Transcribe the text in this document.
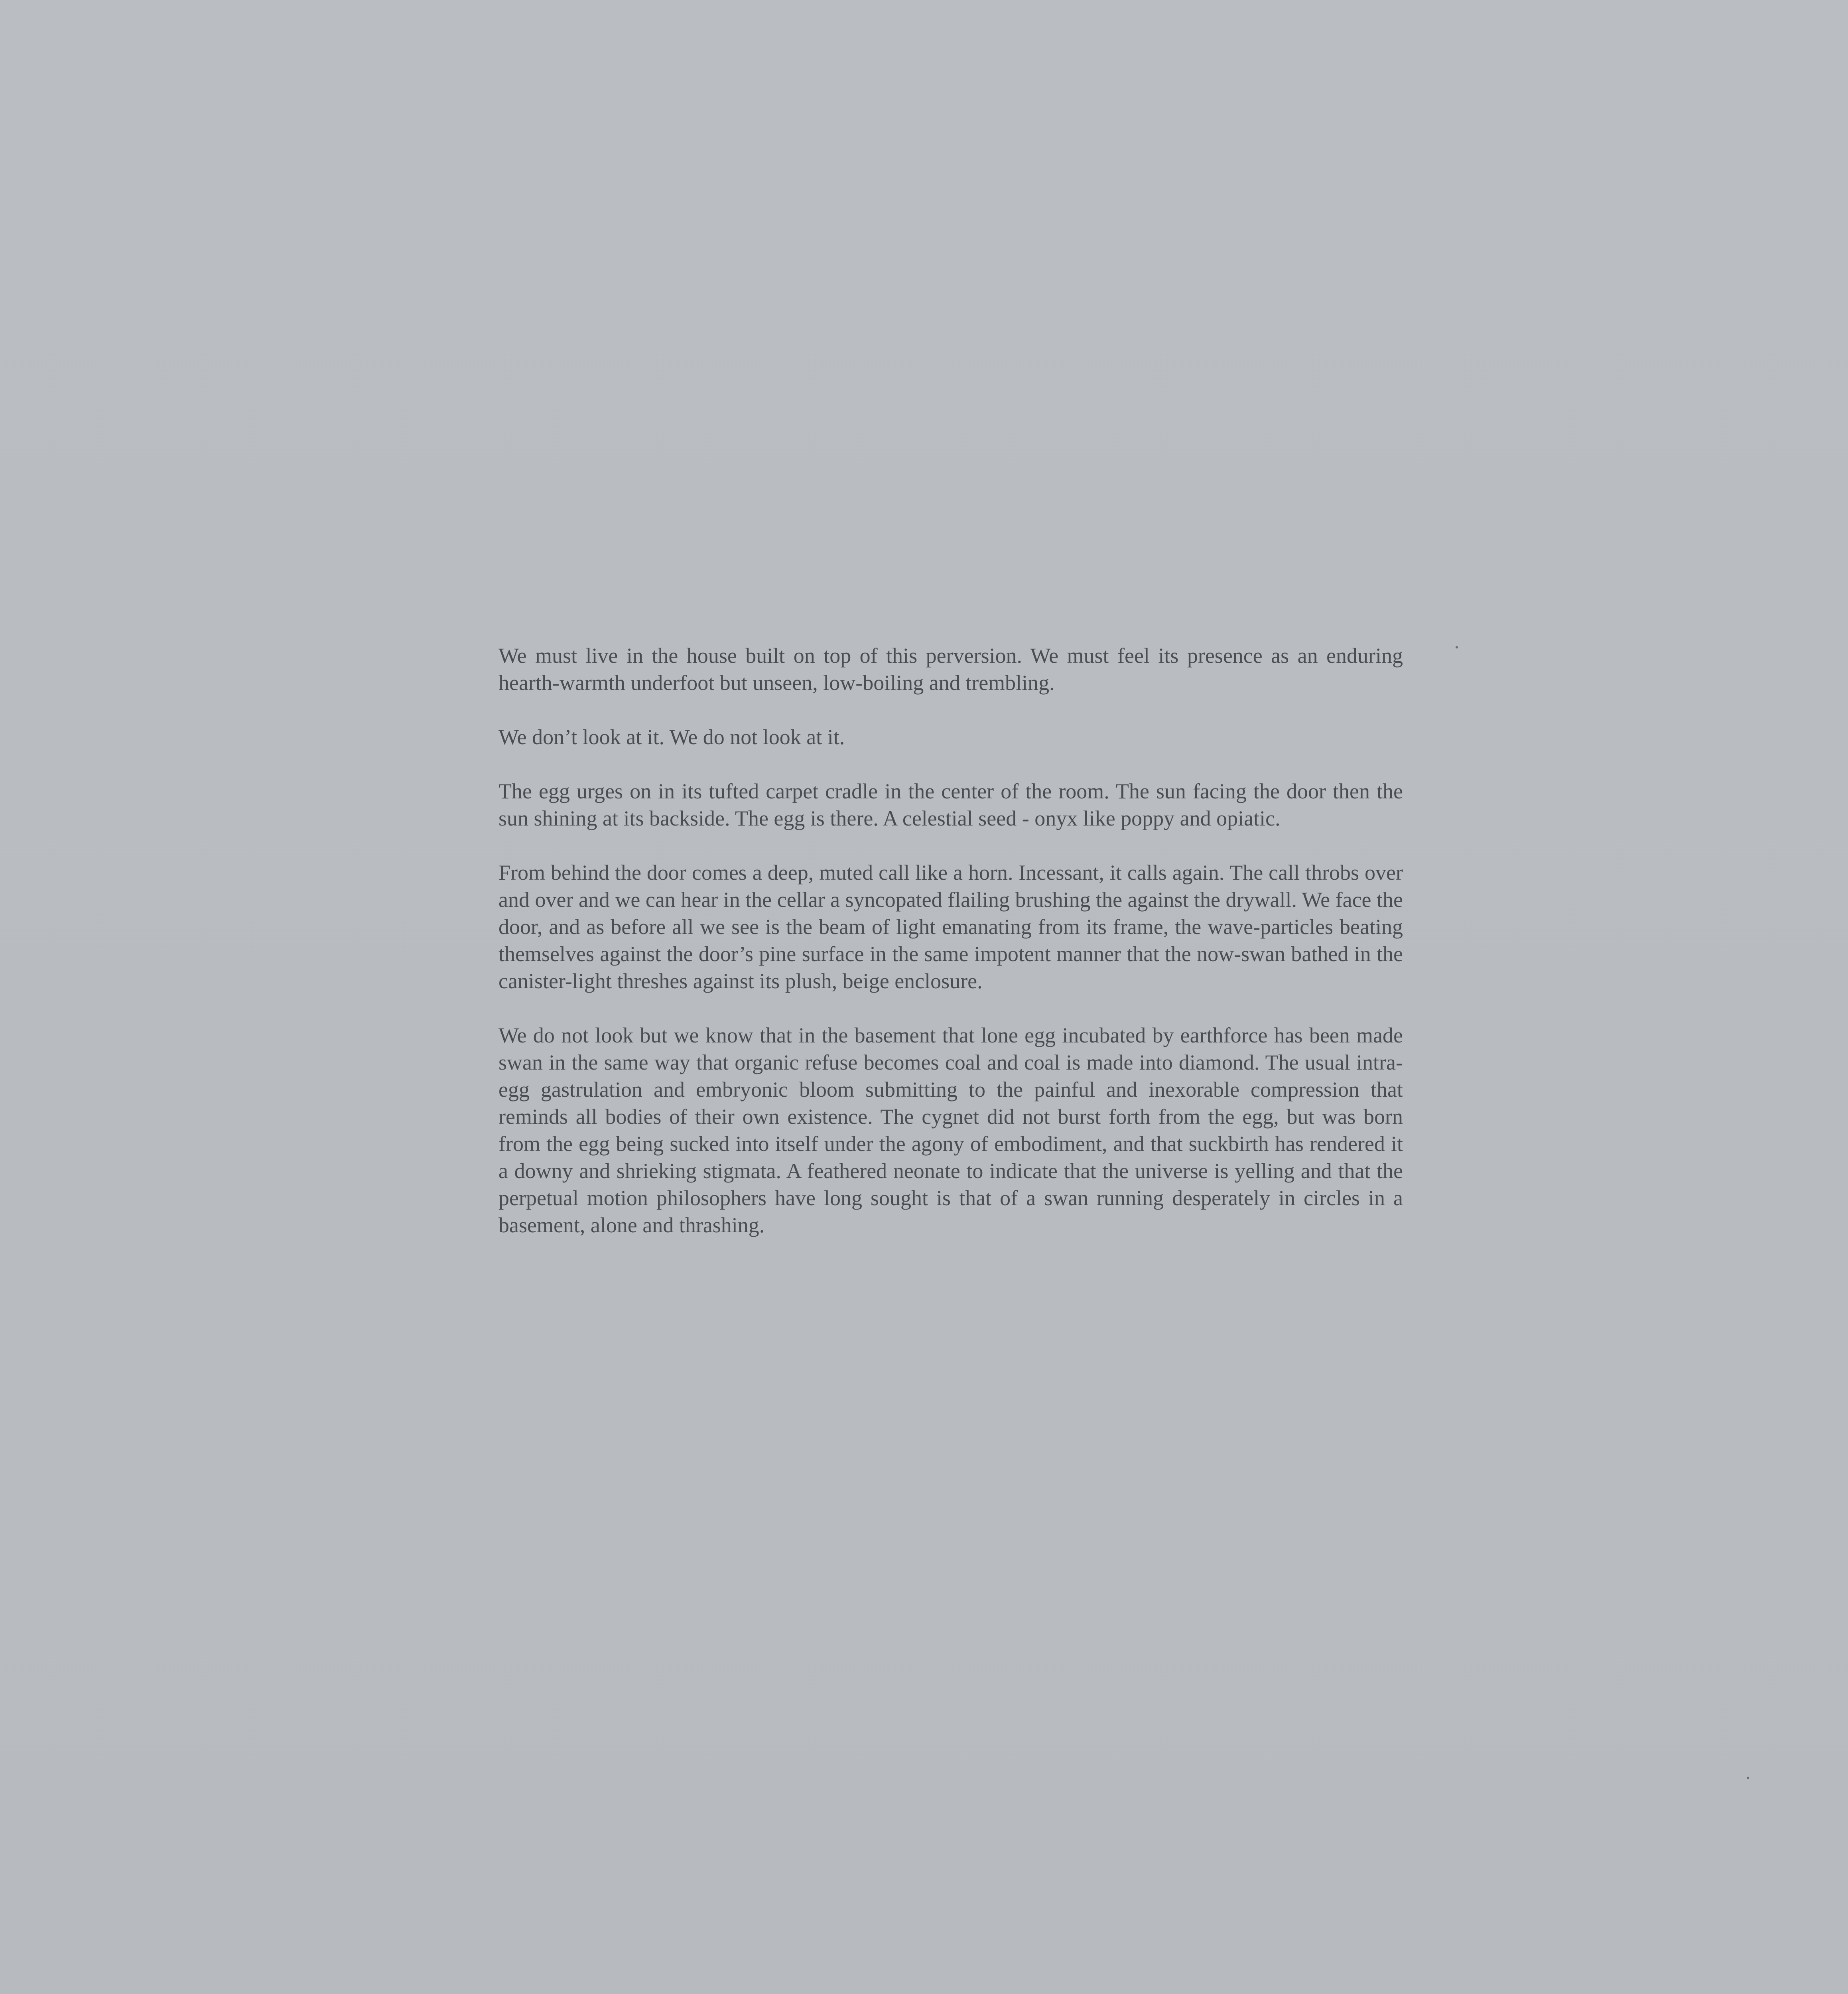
We must live in the house built on top of this perversion. We must feel its presence as an enduring hearth-warmth underfoot but unseen, low-boiling and trembling.

We don’t look at it. We do not look at it.

The egg urges on in its tufted carpet cradle in the center of the room. The sun facing the door then the sun shining at its backside. The egg is there. A celestial seed - onyx like poppy and opiatic.

From behind the door comes a deep, muted call like a horn. Incessant, it calls again. The call throbs over and over and we can hear in the cellar a syncopated flailing brushing the against the drywall. We face the door, and as before all we see is the beam of light emanating from its frame, the wave-particles beating themselves against the door’s pine surface in the same impotent manner that the now-swan bathed in the canister-light threshes against its plush, beige enclosure.

We do not look but we know that in the basement that lone egg incubated by earthforce has been made swan in the same way that organic refuse becomes coal and coal is made into diamond. The usual intra-egg gastrulation and embryonic bloom submitting to the painful and inexorable compression that reminds all bodies of their own existence. The cygnet did not burst forth from the egg, but was born from the egg being sucked into itself under the agony of embodiment, and that suckbirth has rendered it a downy and shrieking stigmata. A feathered neonate to indicate that the universe is yelling and that the perpetual motion philosophers have long sought is that of a swan running desperately in circles in a basement, alone and thrashing.
